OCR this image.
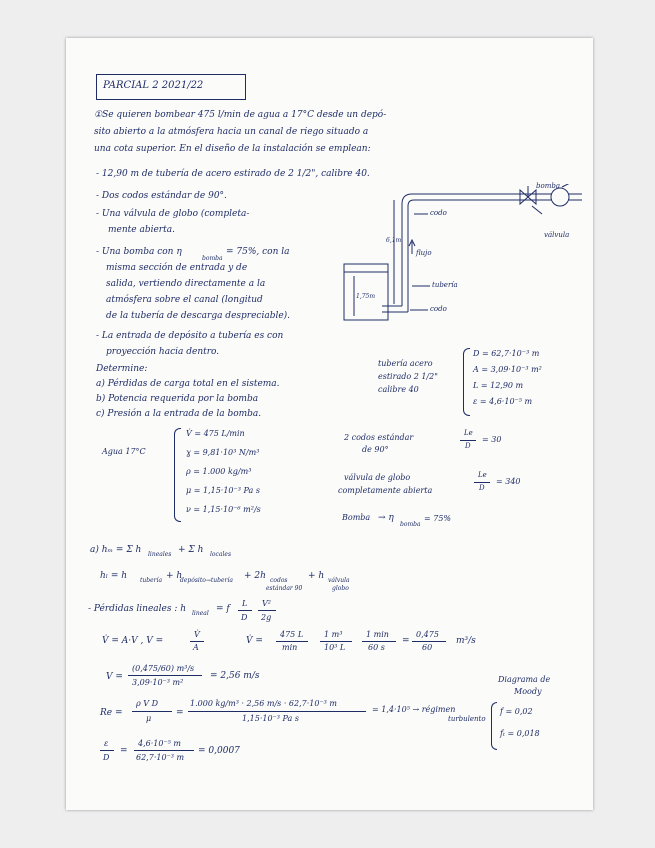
PARCIAL 2 2021/22
①Se quieren bombear 475 l/min de agua a 17°C desde un depó-
sito abierto a la atmósfera hacia un canal de riego situado a
una cota superior. En el diseño de la instalación se emplean:
- 12,90 m de tubería de acero estirado de 2 1/2", calibre 40.
- Dos codos estándar de 90°.
- Una válvula de globo (completa-
mente abierta.
- Una bomba con η
bomba
= 75%, con la
misma sección de entrada y de
salida, vertiendo directamente a la
atmósfera sobre el canal (longitud
de la tubería de descarga despreciable).
- La entrada de depósito a tubería es con
proyección hacia dentro.
Determine:
a) Pérdidas de carga total en el sistema.
b) Potencia requerida por la bomba
c) Presión a la entrada de la bomba.
bomba
codo
válvula
6,1m
flujo
tubería
codo
1,75m
tubería acero
estirado 2 1/2"
calibre 40
D = 62,7·10⁻³ m
A = 3,09·10⁻³ m²
L = 12,90 m
ε = 4,6·10⁻⁵ m
Agua 17°C
V̇ = 475 L/min
ɣ = 9,81·10³ N/m³
ρ = 1.000 kg/m³
μ = 1,15·10⁻³ Pa s
ν = 1,15·10⁻⁶ m²/s
2 codos estándar
de 90°
Le
D
= 30
válvula de globo
completamente abierta
Le
D
= 340
Bomba → η
bomba
= 75%
a) hₘ = Σ h lineales + Σ h locales
hₗ = h tubería + h
depósito→tubería + 2h codos
estándar 90
+ h válvula
globo
- Pérdidas lineales : h lineal = f
L
D
V²
2g
V̇ = A·V , V =
V̇
A
V̇ =
475 L
min
1 m³
10³ L
1 min
60 s
=
0,475
60
m³/s
V =
(0,475/60) m³/s
3,09·10⁻³ m²
= 2,56 m/s
Re =
ρ V D
μ
=
1.000 kg/m³ · 2,56 m/s · 62,7·10⁻³ m
1,15·10⁻³ Pa s
= 1,4·10⁵ → régimen
turbulento
ε
D
=
4,6·10⁻⁵ m
62,7·10⁻³ m
= 0,0007
Diagrama de
Moody
f = 0,02
fₜ = 0,018
